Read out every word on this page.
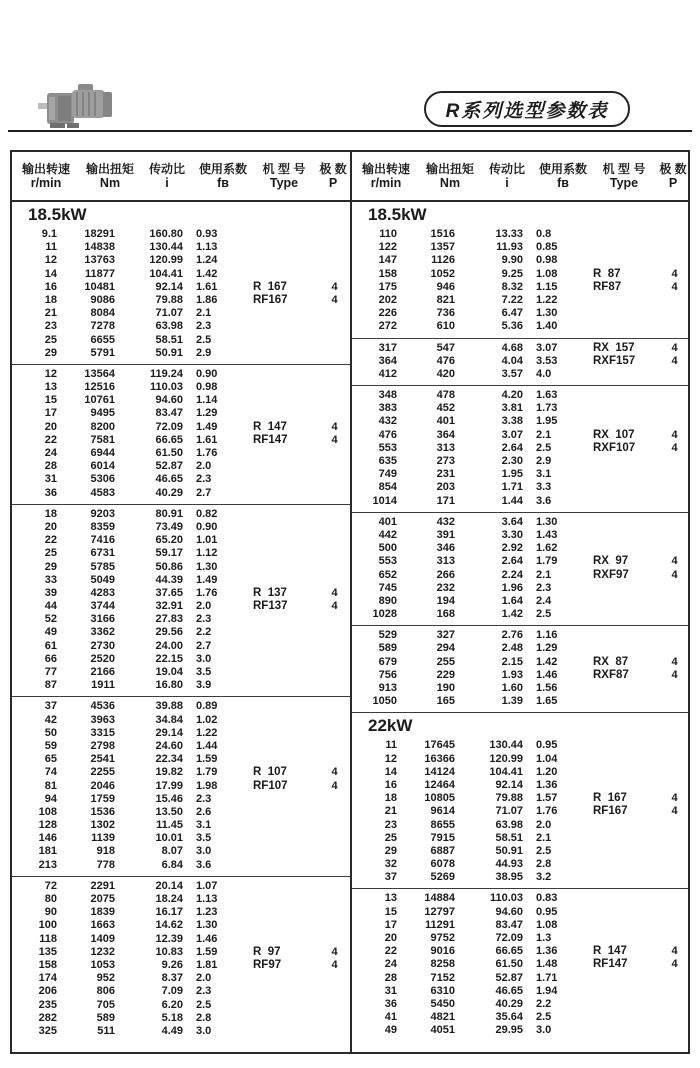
R系列选型参数表
输出转速
r/min
输出扭矩
Nm
传动比
i
使用系数
fʙ
机 型 号
Type
极 数
P
输出转速
r/min
输出扭矩
Nm
传动比
i
使用系数
fʙ
机 型 号
Type
极 数
P
18.5kW
9.1	18291	160.80	0.93
11	14838	130.44	1.13
12	13763	120.99	1.24
14	11877	104.41	1.42
16	10481	92.14	1.61	R  167	4
18	9086	79.88	1.86	RF167	4
21	8084	71.07	2.1
23	7278	63.98	2.3
25	6655	58.51	2.5
29	5791	50.91	2.9
12	13564	119.24	0.90
13	12516	110.03	0.98
15	10761	94.60	1.14
17	9495	83.47	1.29
20	8200	72.09	1.49	R  147	4
22	7581	66.65	1.61	RF147	4
24	6944	61.50	1.76
28	6014	52.87	2.0
31	5306	46.65	2.3
36	4583	40.29	2.7
18	9203	80.91	0.82
20	8359	73.49	0.90
22	7416	65.20	1.01
25	6731	59.17	1.12
29	5785	50.86	1.30
33	5049	44.39	1.49
39	4283	37.65	1.76	R  137	4
44	3744	32.91	2.0	RF137	4
52	3166	27.83	2.3
49	3362	29.56	2.2
61	2730	24.00	2.7
66	2520	22.15	3.0
77	2166	19.04	3.5
87	1911	16.80	3.9
37	4536	39.88	0.89
42	3963	34.84	1.02
50	3315	29.14	1.22
59	2798	24.60	1.44
65	2541	22.34	1.59
74	2255	19.82	1.79	R  107	4
81	2046	17.99	1.98	RF107	4
94	1759	15.46	2.3
108	1536	13.50	2.6
128	1302	11.45	3.1
146	1139	10.01	3.5
181	918	8.07	3.0
213	778	6.84	3.6
72	2291	20.14	1.07
80	2075	18.24	1.13
90	1839	16.17	1.23
100	1663	14.62	1.30
118	1409	12.39	1.46
135	1232	10.83	1.59	R  97	4
158	1053	9.26	1.81	RF97	4
174	952	8.37	2.0
206	806	7.09	2.3
235	705	6.20	2.5
282	589	5.18	2.8
325	511	4.49	3.0
18.5kW
110	1516	13.33	0.8
122	1357	11.93	0.85
147	1126	9.90	0.98
158	1052	9.25	1.08	R  87	4
175	946	8.32	1.15	RF87	4
202	821	7.22	1.22
226	736	6.47	1.30
272	610	5.36	1.40
317	547	4.68	3.07	RX  157	4
364	476	4.04	3.53	RXF157	4
412	420	3.57	4.0
348	478	4.20	1.63
383	452	3.81	1.73
432	401	3.38	1.95
476	364	3.07	2.1	RX  107	4
553	313	2.64	2.5	RXF107	4
635	273	2.30	2.9
749	231	1.95	3.1
854	203	1.71	3.3
1014	171	1.44	3.6
401	432	3.64	1.30
442	391	3.30	1.43
500	346	2.92	1.62
553	313	2.64	1.79	RX  97	4
652	266	2.24	2.1	RXF97	4
745	232	1.96	2.3
890	194	1.64	2.4
1028	168	1.42	2.5
529	327	2.76	1.16
589	294	2.48	1.29
679	255	2.15	1.42	RX  87	4
756	229	1.93	1.46	RXF87	4
913	190	1.60	1.56
1050	165	1.39	1.65
22kW
11	17645	130.44	0.95
12	16366	120.99	1.04
14	14124	104.41	1.20
16	12464	92.14	1.36
18	10805	79.88	1.57	R  167	4
21	9614	71.07	1.76	RF167	4
23	8655	63.98	2.0
25	7915	58.51	2.1
29	6887	50.91	2.5
32	6078	44.93	2.8
37	5269	38.95	3.2
13	14884	110.03	0.83
15	12797	94.60	0.95
17	11291	83.47	1.08
20	9752	72.09	1.3
22	9016	66.65	1.36	R  147	4
24	8258	61.50	1.48	RF147	4
28	7152	52.87	1.71
31	6310	46.65	1.94
36	5450	40.29	2.2
41	4821	35.64	2.5
49	4051	29.95	3.0
